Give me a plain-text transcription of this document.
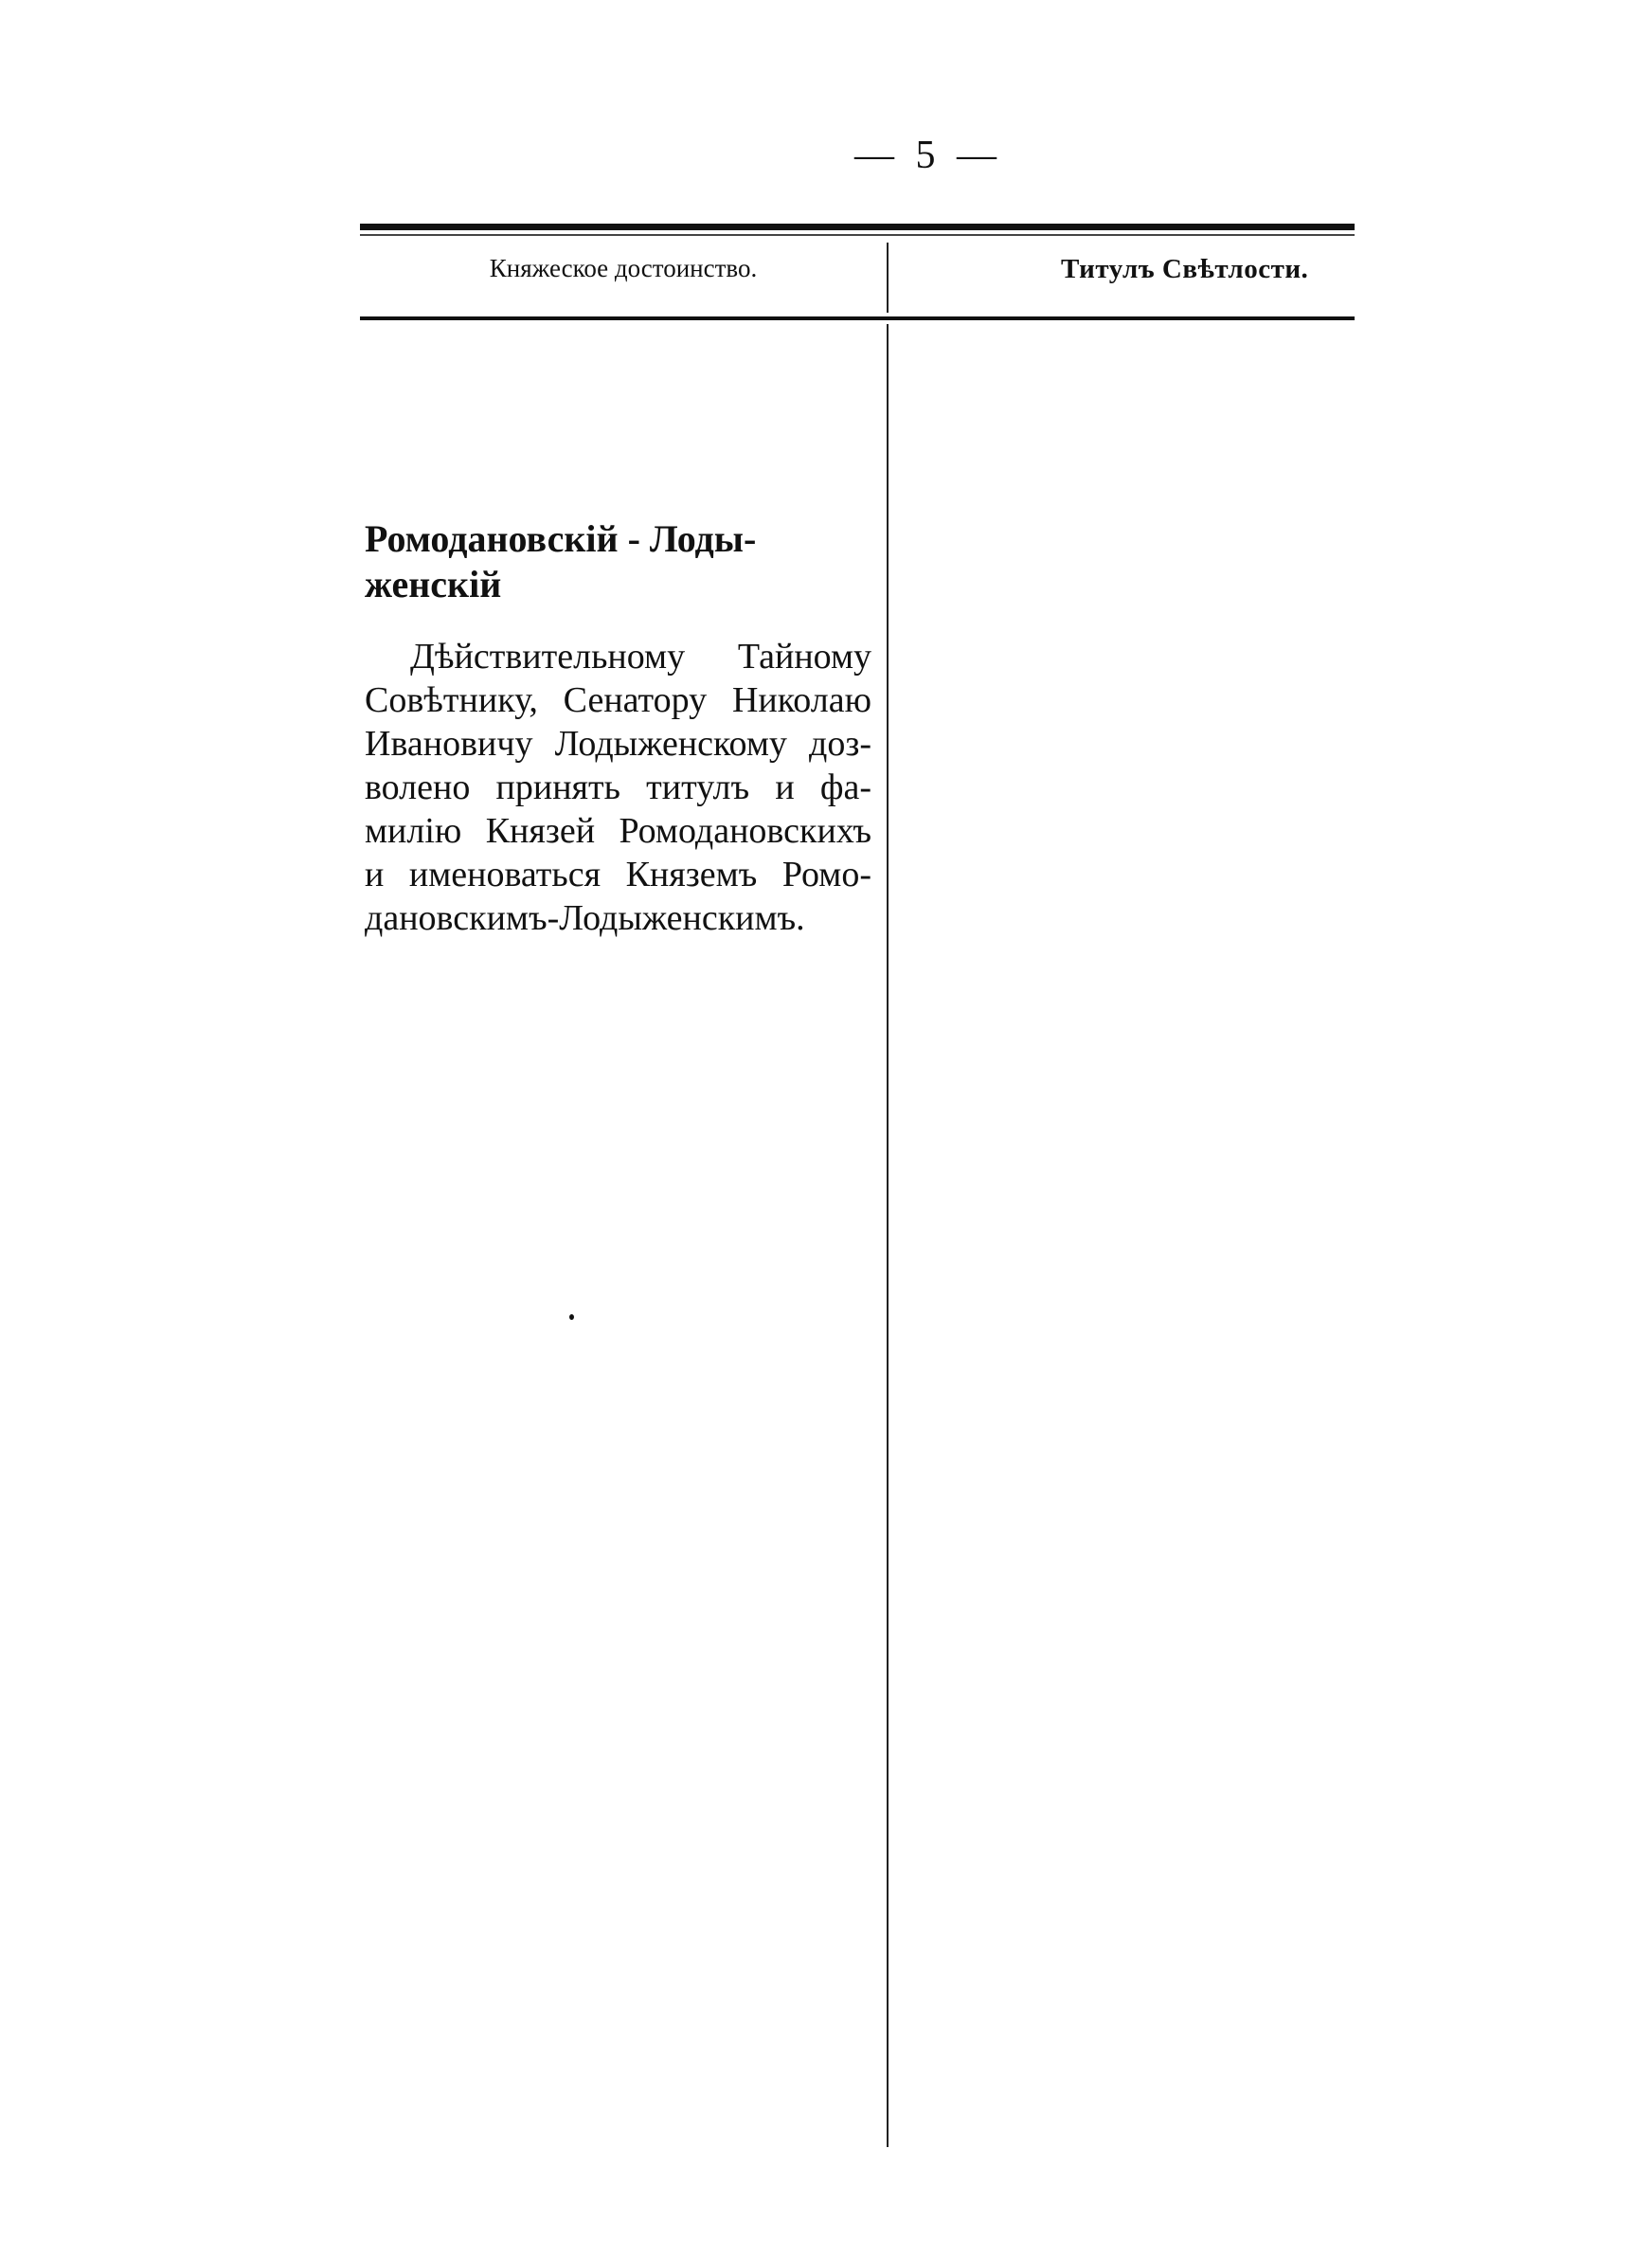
— 5 —
Княжеское достоинство.	Титулъ Свѣтлости.
Ромодановскій - Лоды-
женскій
Дѣйствительному Тайному
Совѣтнику, Сенатору Николаю
Ивановичу Лодыженскому доз-
волено принять титулъ и фа-
милію Князей Ромодановскихъ
и именоваться Княземъ Ромо-
дановскимъ-Лодыженскимъ.
